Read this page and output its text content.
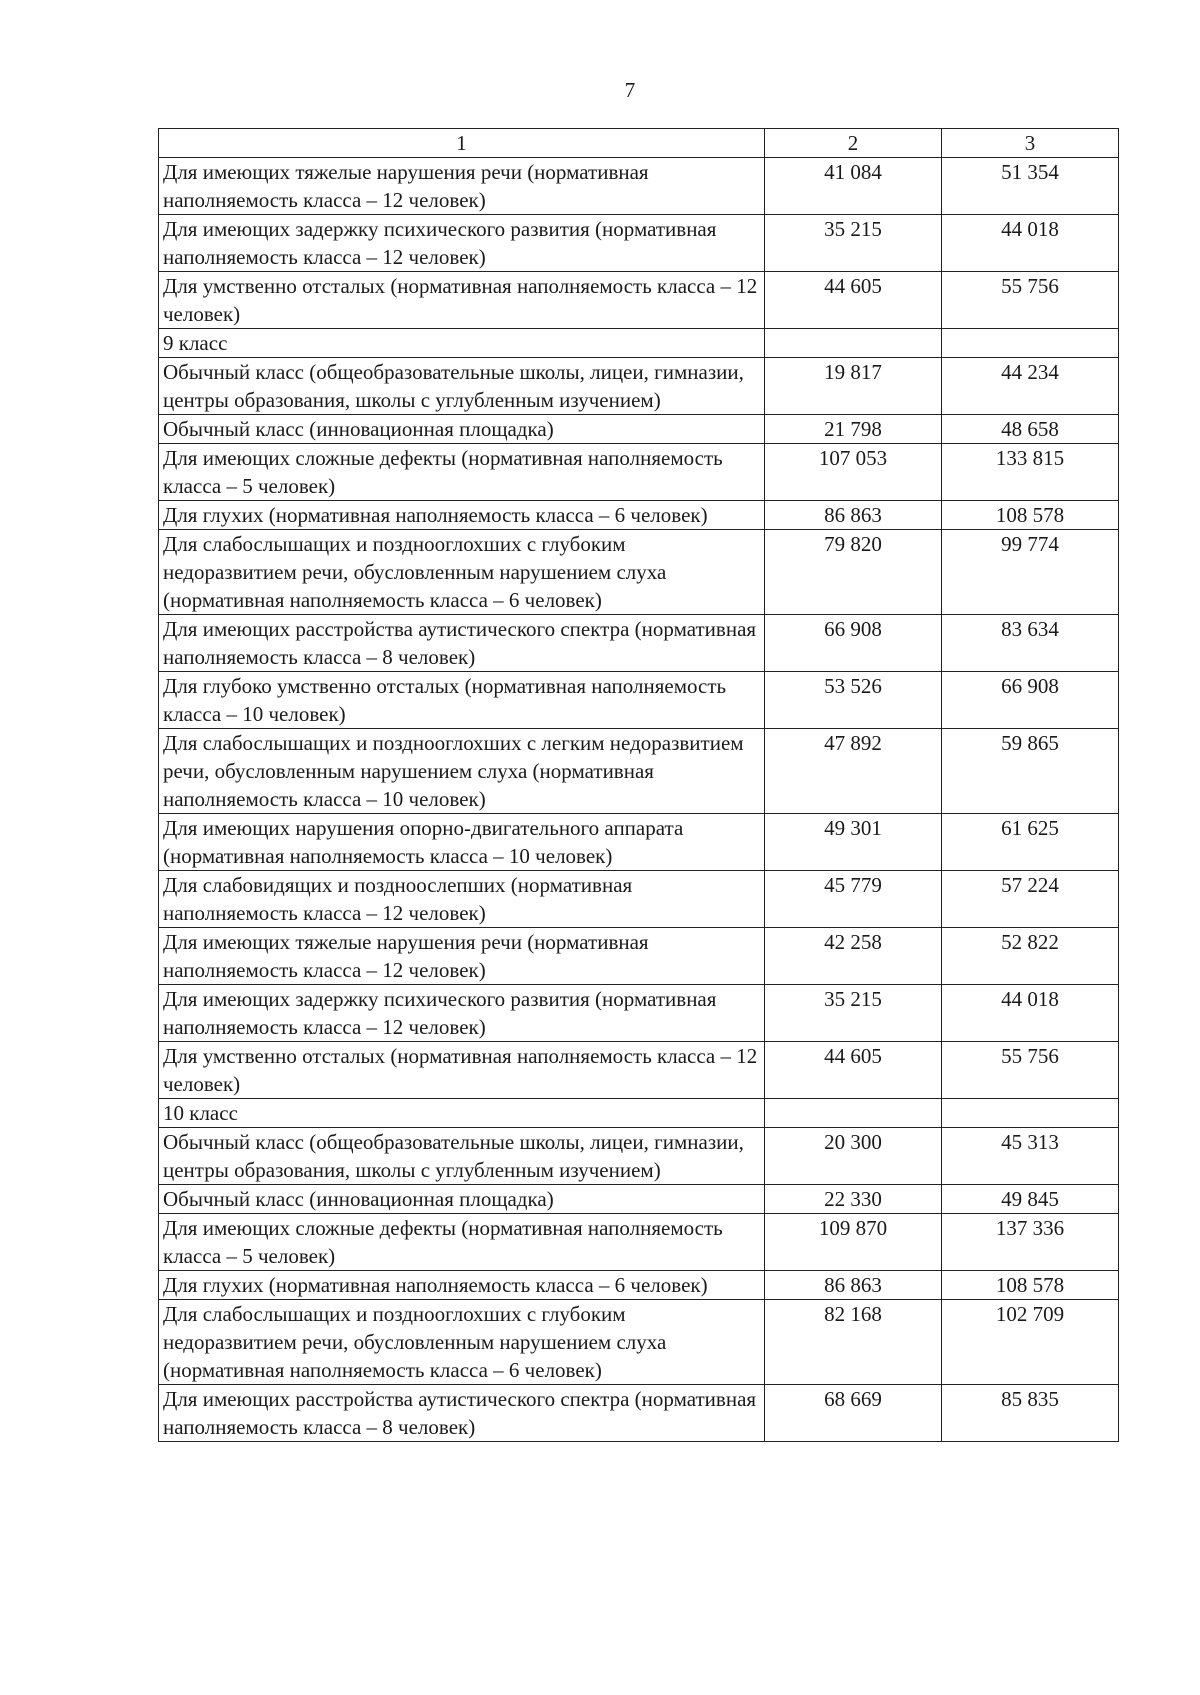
7
1	2	3
Для имеющих тяжелые нарушения речи (нормативная наполняемость класса – 12 человек)	41 084	51 354
Для имеющих задержку психического развития (нормативная наполняемость класса – 12 человек)	35 215	44 018
Для умственно отсталых (нормативная наполняемость класса – 12 человек)	44 605	55 756
9 класс		
Обычный класс (общеобразовательные школы, лицеи, гимназии, центры образования, школы с углубленным изучением)	19 817	44 234
Обычный класс (инновационная площадка)	21 798	48 658
Для имеющих сложные дефекты (нормативная наполняемость класса – 5 человек)	107 053	133 815
Для глухих (нормативная наполняемость класса – 6 человек)	86 863	108 578
Для слабослышащих и позднооглохших с глубоким недоразвитием речи, обусловленным нарушением слуха (нормативная наполняемость класса – 6 человек)	79 820	99 774
Для имеющих расстройства аутистического спектра (нормативная наполняемость класса – 8 человек)	66 908	83 634
Для глубоко умственно отсталых (нормативная наполняемость класса – 10 человек)	53 526	66 908
Для слабослышащих и позднооглохших с легким недоразвитием речи, обусловленным нарушением слуха (нормативная наполняемость класса – 10 человек)	47 892	59 865
Для имеющих нарушения опорно-двигательного аппарата (нормативная наполняемость класса – 10 человек)	49 301	61 625
Для слабовидящих и поздноослепших (нормативная наполняемость класса – 12 человек)	45 779	57 224
Для имеющих тяжелые нарушения речи (нормативная наполняемость класса – 12 человек)	42 258	52 822
Для имеющих задержку психического развития (нормативная наполняемость класса – 12 человек)	35 215	44 018
Для умственно отсталых (нормативная наполняемость класса – 12 человек)	44 605	55 756
10 класс		
Обычный класс (общеобразовательные школы, лицеи, гимназии, центры образования, школы с углубленным изучением)	20 300	45 313
Обычный класс (инновационная площадка)	22 330	49 845
Для имеющих сложные дефекты (нормативная наполняемость класса – 5 человек)	109 870	137 336
Для глухих (нормативная наполняемость класса – 6 человек)	86 863	108 578
Для слабослышащих и позднооглохших с глубоким недоразвитием речи, обусловленным нарушением слуха (нормативная наполняемость класса – 6 человек)	82 168	102 709
Для имеющих расстройства аутистического спектра (нормативная наполняемость класса – 8 человек)	68 669	85 835
